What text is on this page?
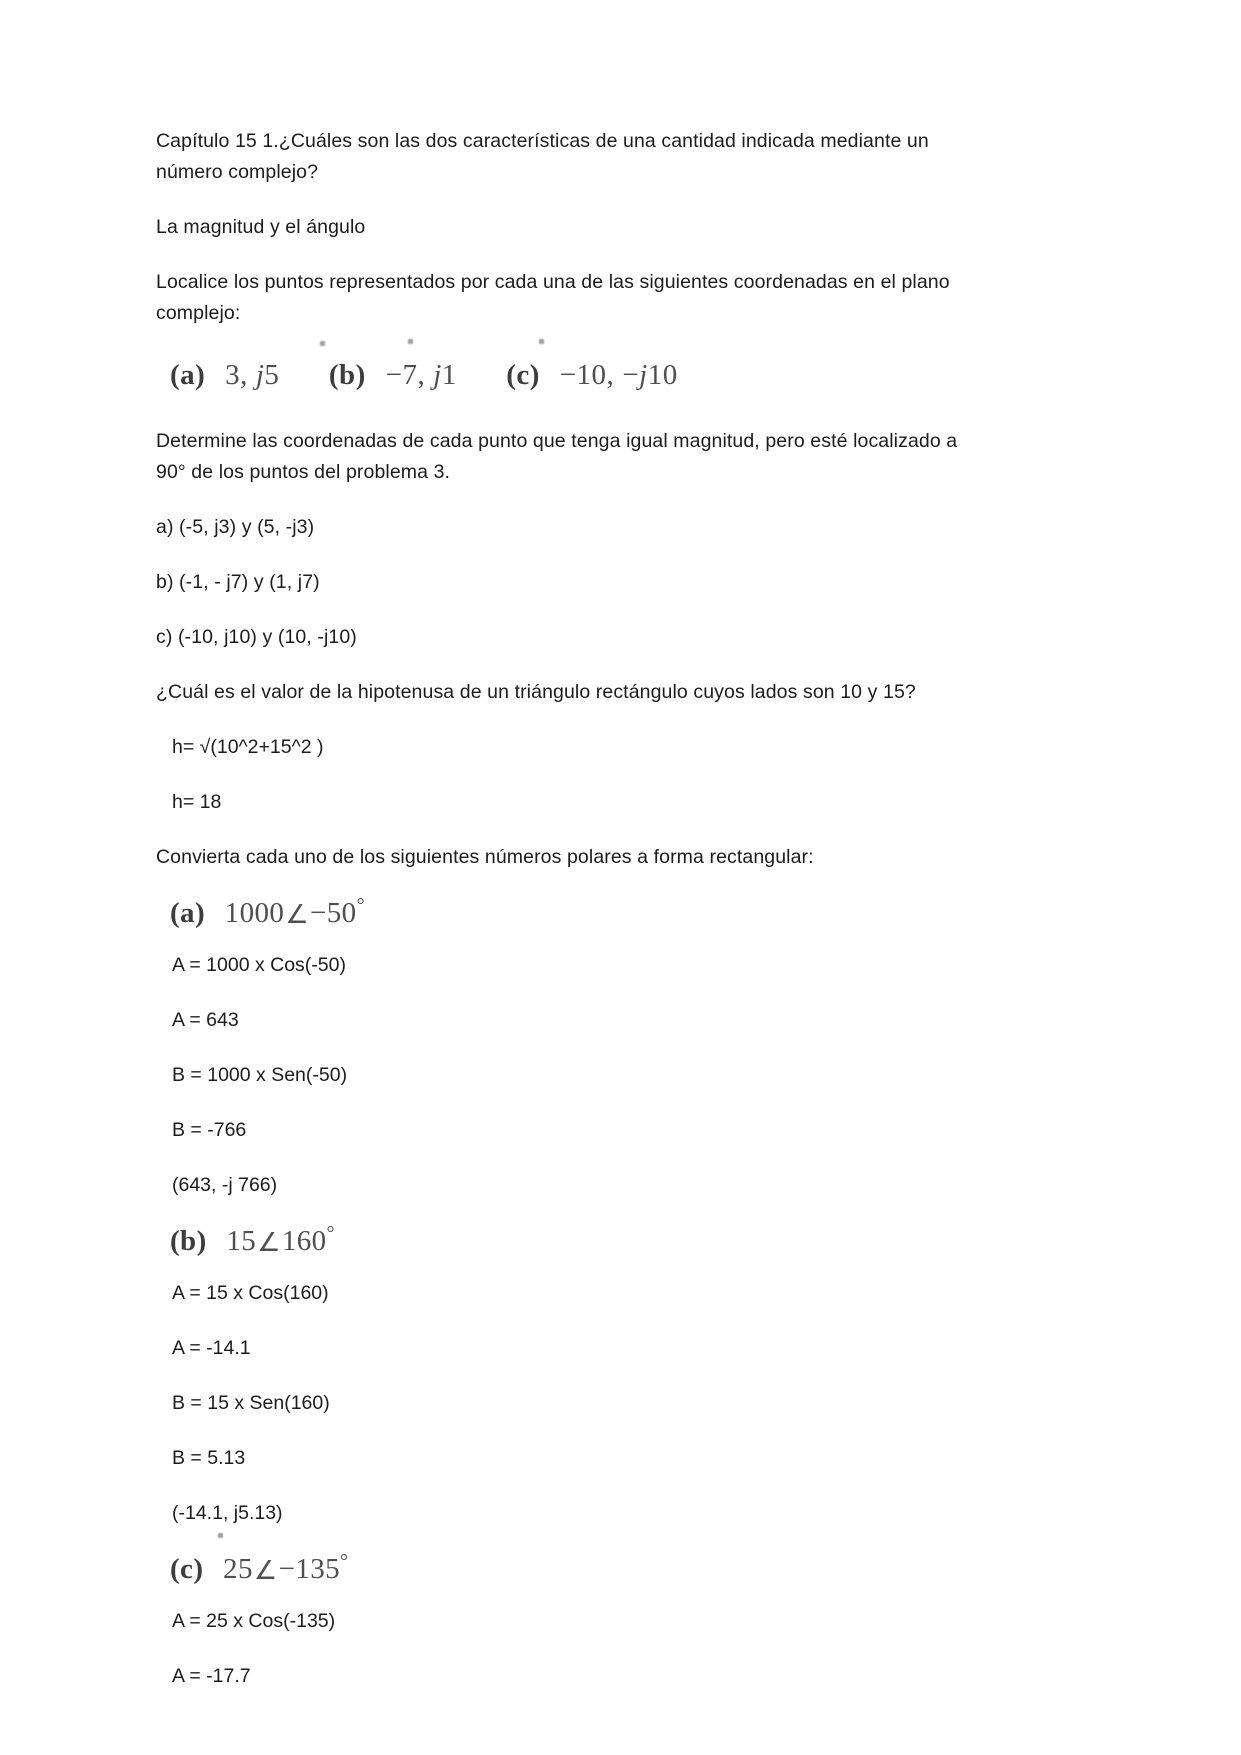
Capítulo 15 1.¿Cuáles son las dos características de una cantidad indicada mediante un número complejo?

La magnitud y el ángulo

Localice los puntos representados por cada una de las siguientes coordenadas en el plano complejo:

(a) 3, j5 (b) −7, j1 (c) −10, −j10

Determine las coordenadas de cada punto que tenga igual magnitud, pero esté localizado a 90° de los puntos del problema 3.

a) (-5, j3) y (5, -j3)

b) (-1, - j7) y (1, j7)

c) (-10, j10) y (10, -j10)

¿Cuál es el valor de la hipotenusa de un triángulo rectángulo cuyos lados son 10 y 15?

h= √(10^2+15^2 )

h= 18

Convierta cada uno de los siguientes números polares a forma rectangular:

(a) 1000∠−50°

A = 1000 x Cos(-50)

A = 643

B = 1000 x Sen(-50)

B = -766

(643, -j 766)

(b) 15∠160°

A = 15 x Cos(160)

A = -14.1

B = 15 x Sen(160)

B = 5.13

(-14.1, j5.13)

(c) 25∠−135°

A = 25 x Cos(-135)

A = -17.7
